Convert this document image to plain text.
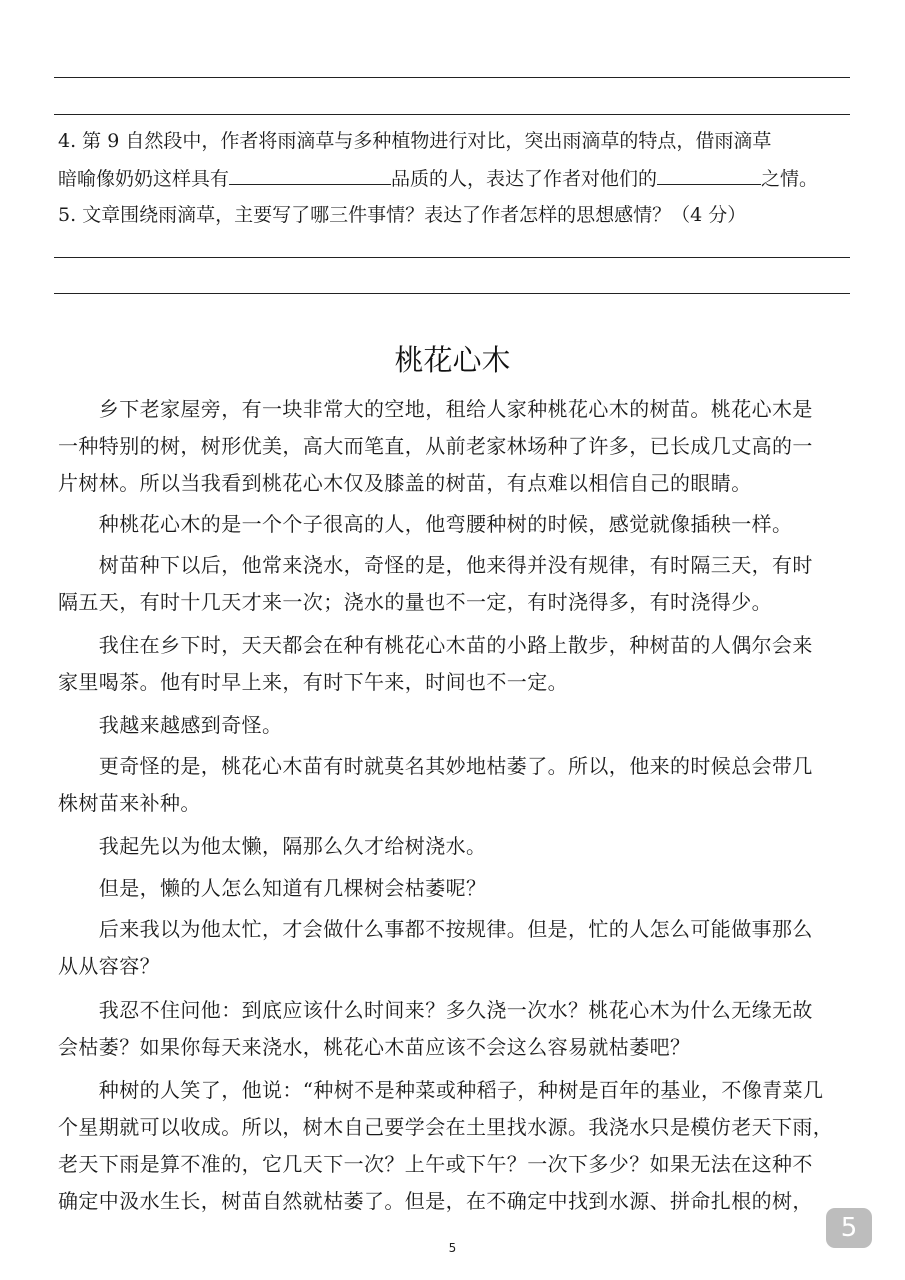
4. 第 9 自然段中，作者将雨滴草与多种植物进行对比，突出雨滴草的特点，借雨滴草
暗喻像奶奶这样具有	品质的人，表达了作者对他们的	之情。
5. 文章围绕雨滴草，主要写了哪三件事情？表达了作者怎样的思想感情？（4 分）
桃花心木
　　乡下老家屋旁，有一块非常大的空地，租给人家种桃花心木的树苗。桃花心木是
一种特别的树，树形优美，高大而笔直，从前老家林场种了许多，已长成几丈高的一
片树林。所以当我看到桃花心木仅及膝盖的树苗，有点难以相信自己的眼睛。
　　种桃花心木的是一个个子很高的人，他弯腰种树的时候，感觉就像插秧一样。
　　树苗种下以后，他常来浇水，奇怪的是，他来得并没有规律，有时隔三天，有时
隔五天，有时十几天才来一次；浇水的量也不一定，有时浇得多，有时浇得少。
　　我住在乡下时，天天都会在种有桃花心木苗的小路上散步，种树苗的人偶尔会来
家里喝茶。他有时早上来，有时下午来，时间也不一定。
　　我越来越感到奇怪。
　　更奇怪的是，桃花心木苗有时就莫名其妙地枯萎了。所以，他来的时候总会带几
株树苗来补种。
　　我起先以为他太懒，隔那么久才给树浇水。
　　但是，懒的人怎么知道有几棵树会枯萎呢？
　　后来我以为他太忙，才会做什么事都不按规律。但是，忙的人怎么可能做事那么
从从容容？
　　我忍不住问他：到底应该什么时间来？多久浇一次水？桃花心木为什么无缘无故
会枯萎？如果你每天来浇水，桃花心木苗应该不会这么容易就枯萎吧？
　　种树的人笑了，他说：“种树不是种菜或种稻子，种树是百年的基业，不像青菜几
个星期就可以收成。所以，树木自己要学会在土里找水源。我浇水只是模仿老天下雨，
老天下雨是算不准的，它几天下一次？上午或下午？一次下多少？如果无法在这种不
确定中汲水生长，树苗自然就枯萎了。但是，在不确定中找到水源、拼命扎根的树，
5
5
